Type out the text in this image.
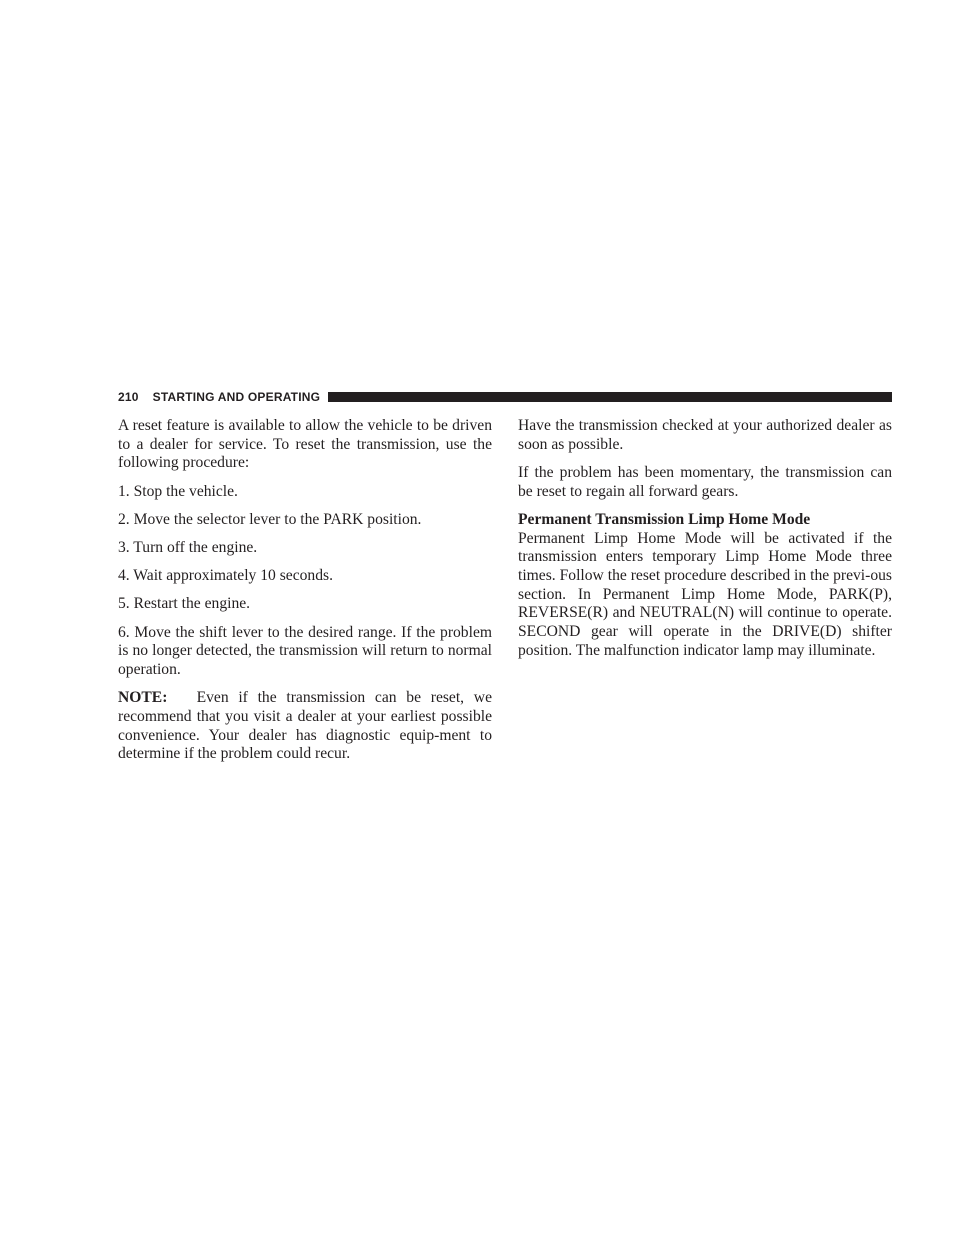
210 STARTING AND OPERATING

A reset feature is available to allow the vehicle to be driven to a dealer for service. To reset the transmission, use the following procedure:

1. Stop the vehicle.

2. Move the selector lever to the PARK position.

3. Turn off the engine.

4. Wait approximately 10 seconds.

5. Restart the engine.

6. Move the shift lever to the desired range. If the problem is no longer detected, the transmission will return to normal operation.

NOTE: Even if the transmission can be reset, we recommend that you visit a dealer at your earliest possible convenience. Your dealer has diagnostic equip-ment to determine if the problem could recur.

Have the transmission checked at your authorized dealer as soon as possible.

If the problem has been momentary, the transmission can be reset to regain all forward gears.

Permanent Transmission Limp Home Mode
Permanent Limp Home Mode will be activated if the transmission enters temporary Limp Home Mode three times. Follow the reset procedure described in the previ-ous section. In Permanent Limp Home Mode, PARK(P), REVERSE(R) and NEUTRAL(N) will continue to operate. SECOND gear will operate in the DRIVE(D) shifter position. The malfunction indicator lamp may illuminate.
